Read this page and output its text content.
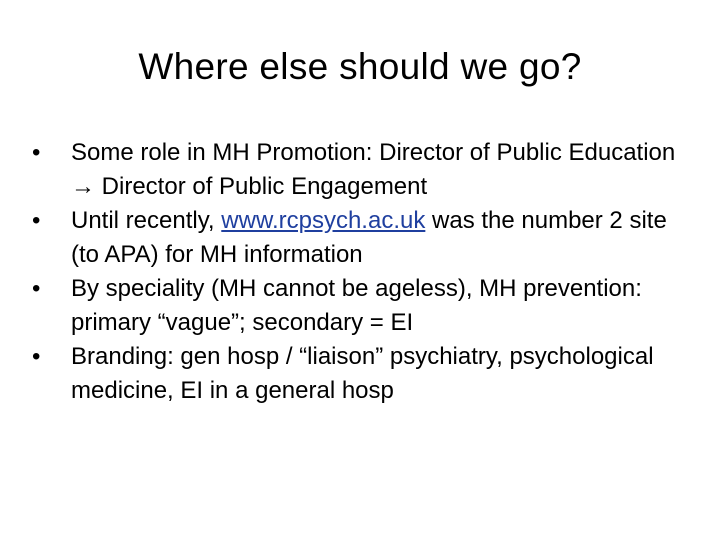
Where else should we go?
• Some role in MH Promotion: Director of Public Education → Director of Public Engagement
• Until recently, www.rcpsych.ac.uk was the number 2 site (to APA) for MH information
• By speciality (MH cannot be ageless), MH prevention: primary “vague”; secondary = EI
• Branding: gen hosp / “liaison” psychiatry, psychological medicine, EI in a general hosp
